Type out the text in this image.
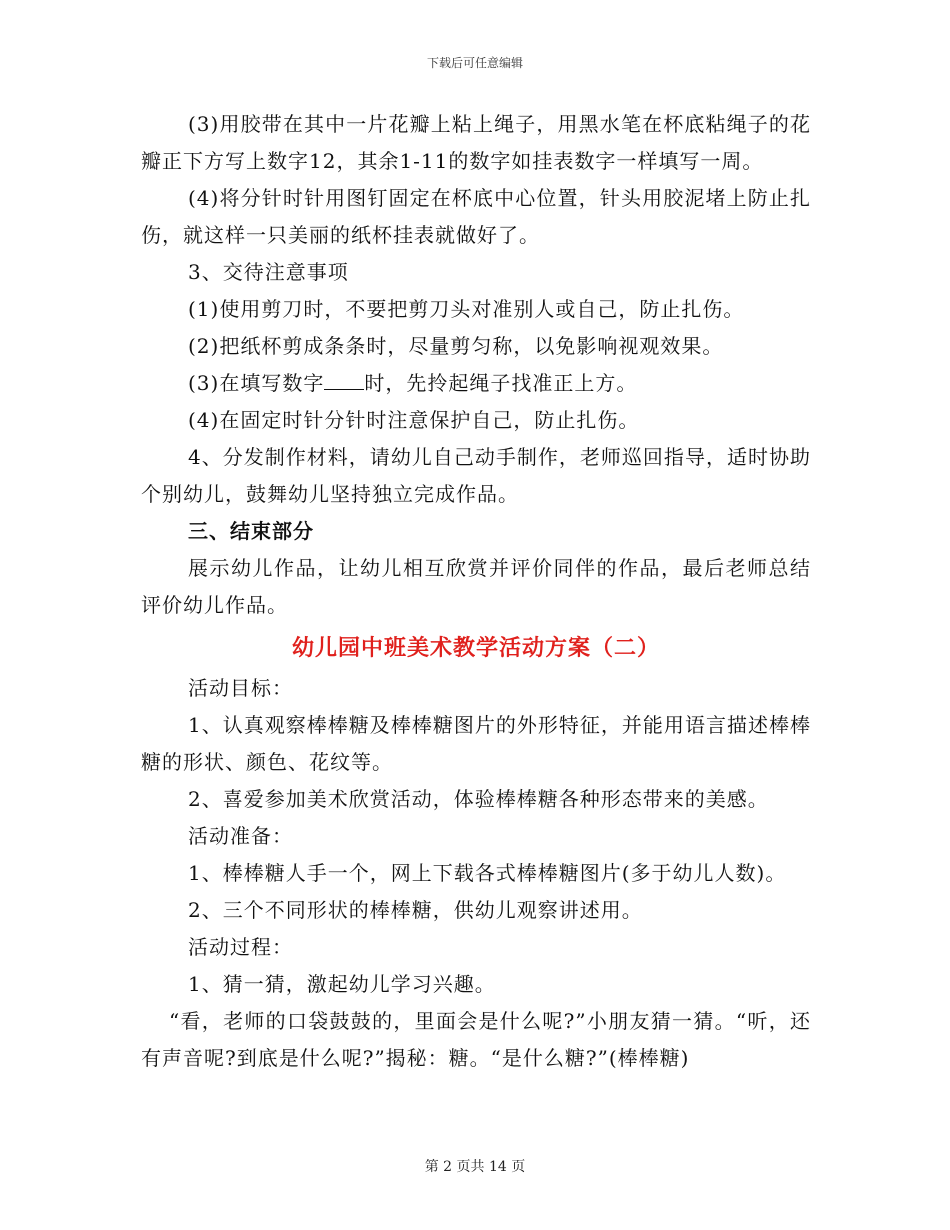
下载后可任意编辑

(3)用胶带在其中一片花瓣上粘上绳子，用黑水笔在杯底粘绳子的花瓣正下方写上数字12，其余1-11的数字如挂表数字一样填写一周。

(4)将分针时针用图钉固定在杯底中心位置，针头用胶泥堵上防止扎伤，就这样一只美丽的纸杯挂表就做好了。

3、交待注意事项

(1)使用剪刀时，不要把剪刀头对准别人或自己，防止扎伤。

(2)把纸杯剪成条条时，尽量剪匀称，以免影响视观效果。

(3)在填写数字 时，先拎起绳子找准正上方。

(4)在固定时针分针时注意保护自己，防止扎伤。

4、分发制作材料，请幼儿自己动手制作，老师巡回指导，适时协助个别幼儿，鼓舞幼儿坚持独立完成作品。

三、结束部分

展示幼儿作品，让幼儿相互欣赏并评价同伴的作品，最后老师总结评价幼儿作品。

幼儿园中班美术教学活动方案（二）

活动目标：

1、认真观察棒棒糖及棒棒糖图片的外形特征，并能用语言描述棒棒糖的形状、颜色、花纹等。

2、喜爱参加美术欣赏活动，体验棒棒糖各种形态带来的美感。

活动准备：

1、棒棒糖人手一个，网上下载各式棒棒糖图片(多于幼儿人数)。

2、三个不同形状的棒棒糖，供幼儿观察讲述用。

活动过程：

1、猜一猜，激起幼儿学习兴趣。

“看，老师的口袋鼓鼓的，里面会是什么呢?”小朋友猜一猜。“听，还有声音呢?到底是什么呢?”揭秘：糖。“是什么糖?”(棒棒糖)

第 2 页共 14 页
